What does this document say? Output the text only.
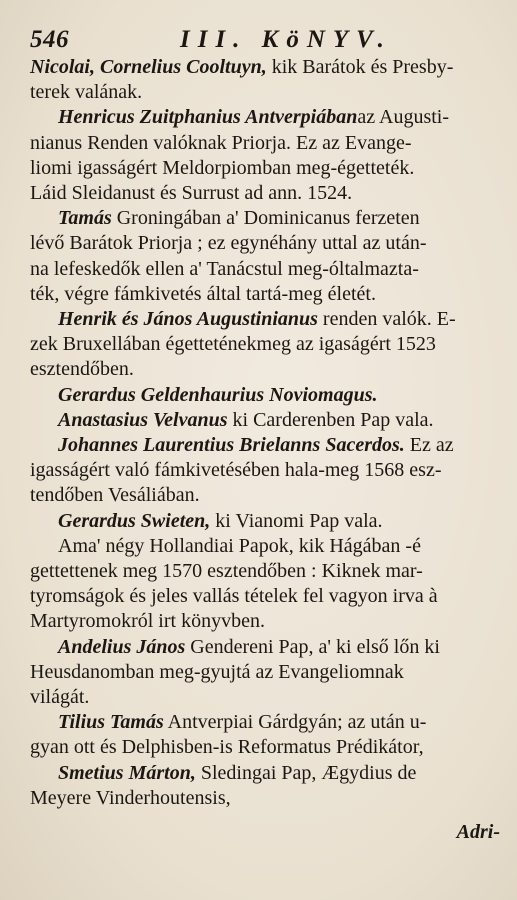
546	III. KöNYV.
Nicolai, Cornelius Cooltuyn, kik Barátok és Presby-
terek valának.
Henricus Zuitphanius Antverpiábanaz Augusti-
nianus Renden valóknak Priorja. Ez az Evange-
liomi igasságért Meldorpiomban meg-égetteték.
Láid Sleidanust és Surrust ad ann. 1524.
Tamás Groningában a' Dominicanus ferzeten
lévő Barátok Priorja ; ez egynéhány uttal az után-
na lefeskedők ellen a' Tanácstul meg-óltalmazta-
ték, végre fámkivetés által tartá-meg életét.
Henrik és János Augustinianus renden valók. E-
zek Bruxellában égetteténekmeg az igaságért 1523
esztendőben.
Gerardus Geldenhaurius Noviomagus.
Anastasius Velvanus ki Carderenben Pap vala.
Johannes Laurentius Brielanns Sacerdos. Ez az
igasságért való fámkivetésében hala-meg 1568 esz-
tendőben Vesáliában.
Gerardus Swieten, ki Vianomi Pap vala.
Ama' négy Hollandiai Papok, kik Hágában -é
gettettenek meg 1570 esztendőben : Kiknek mar-
tyromságok és jeles vallás tételek fel vagyon irva à
Martyromokról irt könyvben.
Andelius János Gendereni Pap, a' ki első lőn ki
Heusdanomban meg-gyujtá az Evangeliomnak
világát.
Tilius Tamás Antverpiai Gárdgyán; az után u-
gyan ott és Delphisben-is Reformatus Prédikátor,
Smetius Márton, Sledingai Pap, Ægydius de
Meyere Vinderhoutensis,
Adri-
